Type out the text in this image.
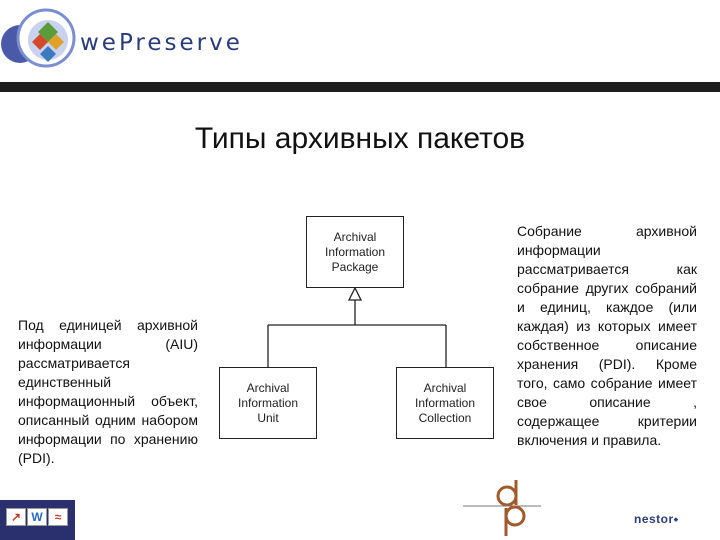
wePreserve
Типы архивных пакетов
Под единицей архивной информации (AIU) рассматривается единственный информационный объект, описанный одним набором информации по хранению (PDI).
Archival
Information
Package
Archival
Information
Unit
Archival
Information
Collection
Собрание архивной информации рассматривается как собрание других собраний и единиц, каждое (или каждая) из которых имеет собственное описание хранения (PDI). Кроме того, само собрание имеет свое описание , содержащее критерии включения и правила.
↗ W	≈	nestor⬩
